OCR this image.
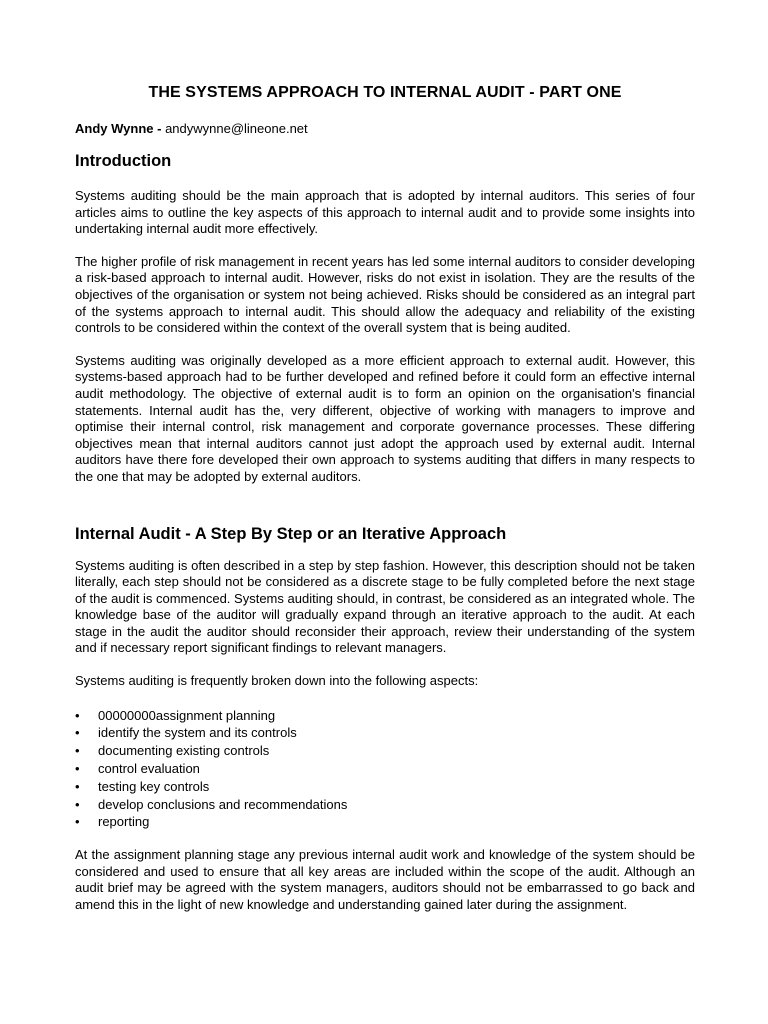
THE SYSTEMS APPROACH TO INTERNAL AUDIT - PART ONE
Andy Wynne - andywynne@lineone.net
Introduction

Systems auditing should be the main approach that is adopted by internal auditors. This series of four articles aims to outline the key aspects of this approach to internal audit and to provide some insights into undertaking internal audit more effectively.

The higher profile of risk management in recent years has led some internal auditors to consider developing a risk-based approach to internal audit. However, risks do not exist in isolation. They are the results of the objectives of the organisation or system not being achieved. Risks should be considered as an integral part of the systems approach to internal audit. This should allow the adequacy and reliability of the existing controls to be considered within the context of the overall system that is being audited.

Systems auditing was originally developed as a more efficient approach to external audit. However, this systems-based approach had to be further developed and refined before it could form an effective internal audit methodology. The objective of external audit is to form an opinion on the organisation's financial statements. Internal audit has the, very different, objective of working with managers to improve and optimise their internal control, risk management and corporate governance processes. These differing objectives mean that internal auditors cannot just adopt the approach used by external audit. Internal auditors have there fore developed their own approach to systems auditing that differs in many respects to the one that may be adopted by external auditors.

Internal Audit - A Step By Step or an Iterative Approach

Systems auditing is often described in a step by step fashion. However, this description should not be taken literally, each step should not be considered as a discrete stage to be fully completed before the next stage of the audit is commenced. Systems auditing should, in contrast, be considered as an integrated whole. The knowledge base of the auditor will gradually expand through an iterative approach to the audit. At each stage in the audit the auditor should reconsider their approach, review their understanding of the system and if necessary report significant findings to relevant managers.

Systems auditing is frequently broken down into the following aspects:

• 00000000assignment planning
• identify the system and its controls
• documenting existing controls
• control evaluation
• testing key controls
• develop conclusions and recommendations
• reporting

At the assignment planning stage any previous internal audit work and knowledge of the system should be considered and used to ensure that all key areas are included within the scope of the audit. Although an audit brief may be agreed with the system managers, auditors should not be embarrassed to go back and amend this in the light of new knowledge and understanding gained later during the assignment.
